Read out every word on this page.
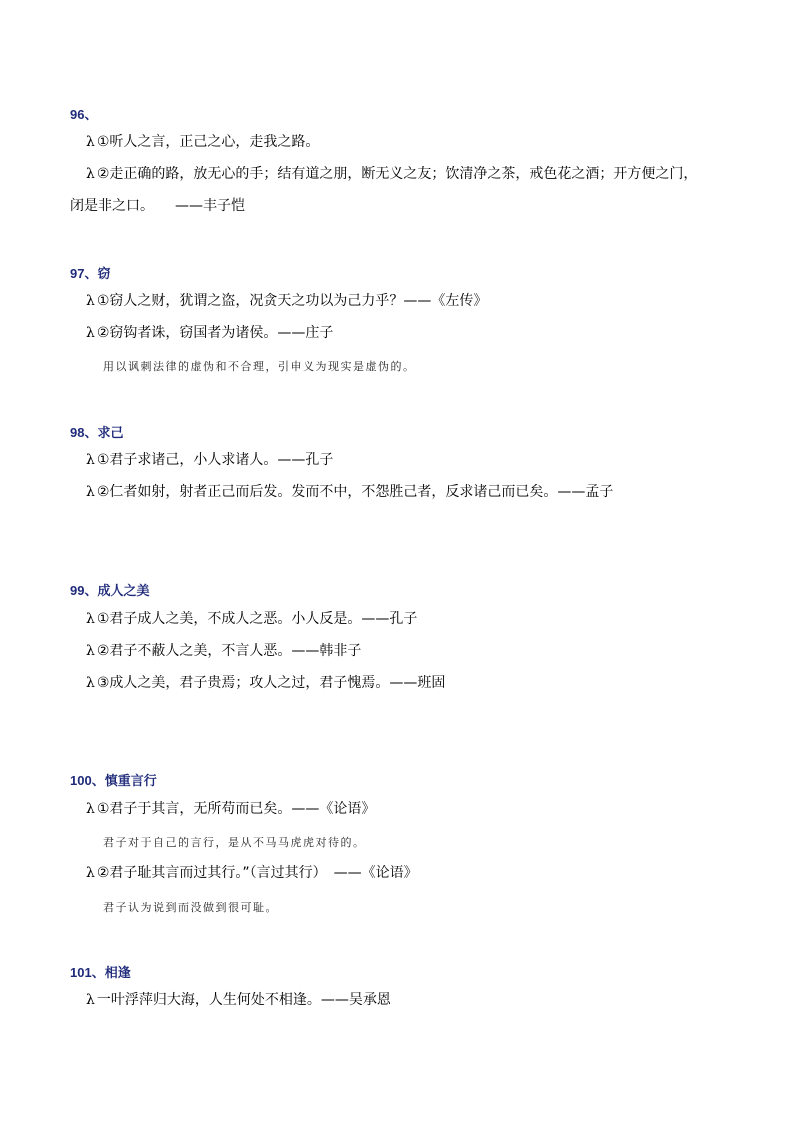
96、
λ ①听人之言，正己之心，走我之路。
λ ②走正确的路，放无心的手；结有道之朋，断无义之友；饮清净之茶，戒色花之酒；开方便之门，闭是非之口。　　——丰子恺
97、窃
λ ①窃人之财，犹谓之盗，况贪天之功以为己力乎？——《左传》
λ ②窃钩者诛，窃国者为诸侯。——庄子
用以讽刺法律的虚伪和不合理，引申义为现实是虚伪的。
98、求己
λ ①君子求诸己，小人求诸人。——孔子
λ ②仁者如射，射者正己而后发。发而不中，不怨胜己者，反求诸己而已矣。——孟子
99、成人之美
λ ①君子成人之美，不成人之恶。小人反是。——孔子
λ ②君子不蔽人之美，不言人恶。——韩非子
λ ③成人之美，君子贵焉；攻人之过，君子愧焉。——班固
100、慎重言行
λ ①君子于其言，无所苟而已矣。——《论语》
君子对于自己的言行，是从不马马虎虎对待的。
λ ②君子耻其言而过其行。”（言过其行）　——《论语》
君子认为说到而没做到很可耻。
101、相逢
λ 一叶浮萍归大海，人生何处不相逢。——吴承恩
